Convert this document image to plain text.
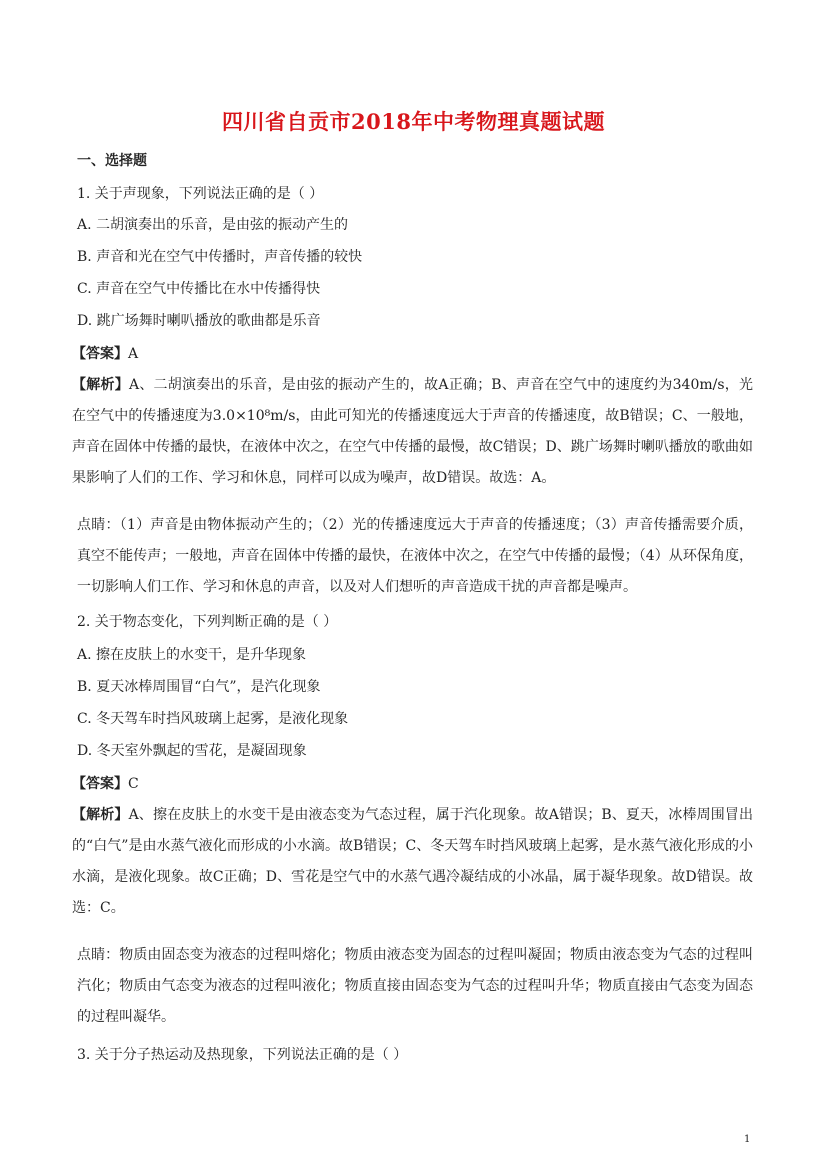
四川省自贡市2018年中考物理真题试题
一、选择题
1. 关于声现象，下列说法正确的是（ ）
A. 二胡演奏出的乐音，是由弦的振动产生的
B. 声音和光在空气中传播时，声音传播的较快
C. 声音在空气中传播比在水中传播得快
D. 跳广场舞时喇叭播放的歌曲都是乐音
【答案】A
【解析】A、二胡演奏出的乐音，是由弦的振动产生的，故A正确；B、声音在空气中的速度约为340m/s，光在空气中的传播速度为3.0×10⁸m/s，由此可知光的传播速度远大于声音的传播速度，故B错误；C、一般地，声音在固体中传播的最快，在液体中次之，在空气中传播的最慢，故C错误；D、跳广场舞时喇叭播放的歌曲如果影响了人们的工作、学习和休息，同样可以成为噪声，故D错误。故选：A。
点睛：（1）声音是由物体振动产生的；（2）光的传播速度远大于声音的传播速度；（3）声音传播需要介质，真空不能传声；一般地，声音在固体中传播的最快，在液体中次之，在空气中传播的最慢；（4）从环保角度，一切影响人们工作、学习和休息的声音，以及对人们想听的声音造成干扰的声音都是噪声。
2. 关于物态变化，下列判断正确的是（ ）
A. 擦在皮肤上的水变干，是升华现象
B. 夏天冰棒周围冒“白气”，是汽化现象
C. 冬天驾车时挡风玻璃上起雾，是液化现象
D. 冬天室外飘起的雪花，是凝固现象
【答案】C
【解析】A、擦在皮肤上的水变干是由液态变为气态过程，属于汽化现象。故A错误；B、夏天，冰棒周围冒出的“白气”是由水蒸气液化而形成的小水滴。故B错误；C、冬天驾车时挡风玻璃上起雾，是水蒸气液化形成的小水滴，是液化现象。故C正确；D、雪花是空气中的水蒸气遇冷凝结成的小冰晶，属于凝华现象。故D错误。故选：C。
点睛：物质由固态变为液态的过程叫熔化；物质由液态变为固态的过程叫凝固；物质由液态变为气态的过程叫汽化；物质由气态变为液态的过程叫液化；物质直接由固态变为气态的过程叫升华；物质直接由气态变为固态的过程叫凝华。
3. 关于分子热运动及热现象，下列说法正确的是（ ）
1
